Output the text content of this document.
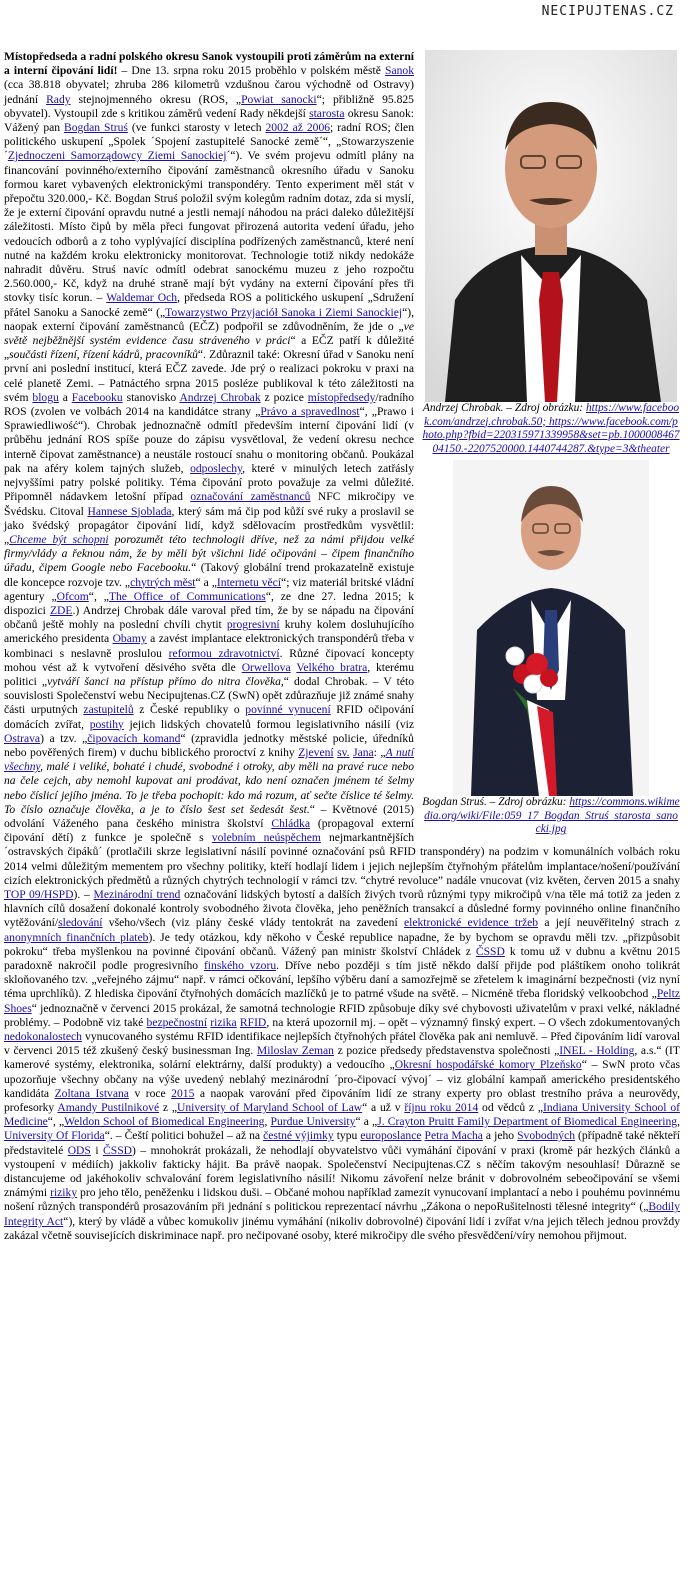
NECIPUJTENAS.CZ
Andrzej Chrobak. – Zdroj obrázku: https://www.facebook.com/andrzej.chrobak.50; https://www.facebook.com/photo.php?fbid=220315971339958&set=pb.100000846704150.-2207520000.1440744287.&type=3&theater
Bogdan Struś. – Zdroj obrázku: https://commons.wikimedia.org/wiki/File:059_17_Bogdan_Struś_starosta_sanocki.jpg

Místopředseda a radní polského okresu Sanok vystoupili proti záměrům na externí a interní čipování lidí! – Dne 13. srpna roku 2015 proběhlo v polském městě Sanok (cca 38.818 obyvatel; zhruba 286 kilometrů vzdušnou čarou východně od Ostravy) jednání Rady stejnojmenného okresu (ROS, „Powiat sanocki“; přibližně 95.825 obyvatel). Vystoupil zde s kritikou záměrů vedení Rady někdejší starosta okresu Sanok: Vážený pan Bogdan Struś (ve funkci starosty v letech 2002 až 2006; radní ROS; člen politického uskupení „Spolek ´Spojení zastupitelé Sanocké země´“, „Stowarzyszenie ´Zjednoczeni Samorządowcy Ziemi Sanockiej´“). Ve svém projevu odmítl plány na financování povinného/externího čipování zaměstnanců okresního úřadu v Sanoku formou karet vybavených elektronickými transpondéry. Tento experiment měl stát v přepočtu 320.000,- Kč. Bogdan Struś položil svým kolegům radním dotaz, zda si myslí, že je externí čipování opravdu nutné a jestli nemají náhodou na práci daleko důležitější záležitosti. Místo čipů by měla přeci fungovat přirozená autorita vedení úřadu, jeho vedoucích odborů a z toho vyplývající disciplína podřízených zaměstnanců, které není nutné na každém kroku elektronicky monitorovat. Technologie totiž nikdy nedokáže nahradit důvěru. Struś navíc odmítl odebrat sanockému muzeu z jeho rozpočtu 2.560.000,- Kč, když na druhé straně mají být vydány na externí čipování přes tři stovky tisíc korun. – Waldemar Och, předseda ROS a politického uskupení „Sdružení přátel Sanoku a Sanocké země“ („Towarzystwo Przyjaciół Sanoka i Ziemi Sanockiej“), naopak externí čipování zaměstnanců (EČZ) podpořil se zdůvodněním, že jde o „ve světě nejběžnější systém evidence času stráveného v práci“ a EČZ patří k důležité „součásti řízení, řízení kádrů, pracovníků“. Zdůraznil také: Okresní úřad v Sanoku není první ani poslední institucí, která EČZ zavede. Jde prý o realizaci pokroku v praxi na celé planetě Zemi. – Patnáctého srpna 2015 posléze publikoval k této záležitosti na svém blogu a Facebooku stanovisko Andrzej Chrobak z pozice místopředsedy/radního ROS (zvolen ve volbách 2014 na kandidátce strany „Právo a spravedlnost“, „Prawo i Sprawiedliwość“). Chrobak jednoznačně odmítl především interní čipování lidí (v průběhu jednání ROS spíše pouze do zápisu vysvětloval, že vedení okresu nechce interně čipovat zaměstnance) a neustále rostoucí snahu o monitoring občanů. Poukázal pak na aféry kolem tajných služeb, odposlechy, které v minulých letech zatřásly nejvyššími patry polské politiky. Téma čipování proto považuje za velmi důležité. Připomněl nádavkem letošní případ označování zaměstnanců NFC mikročipy ve Švédsku. Citoval Hannese Sjoblada, který sám má čip pod kůží své ruky a proslavil se jako švédský propagátor čipování lidí, když sdělovacím prostředkům vysvětlil: „Chceme být schopni porozumět této technologii dříve, než za námi přijdou velké firmy/vlády a řeknou nám, že by měli být všichni lidé očipováni – čipem finančního úřadu, čipem Google nebo Facebooku.“ (Takový globální trend prokazatelně existuje dle koncepce rozvoje tzv. „chytrých měst“ a „Internetu věcí“; viz materiál britské vládní agentury „Ofcom“, „The Office of Communications“, ze dne 27. ledna 2015; k dispozici ZDE.) Andrzej Chrobak dále varoval před tím, že by se nápadu na čipování občanů ještě mohly na poslední chvíli chytit progresivní kruhy kolem dosluhujícího amerického presidenta Obamy a zavést implantace elektronických transpondérů třeba v kombinaci s neslavně proslulou reformou zdravotnictví. Různé čipovací koncepty mohou vést až k vytvoření děsivého světa dle Orwellova Velkého bratra, kterému politici „vytváří šanci na přístup přímo do nitra člověka,“ dodal Chrobak. – V této souvislosti Společenství webu Necipujtenas.CZ (SwN) opět zdůrazňuje již známé snahy části urputných zastupitelů z České republiky o povinné vynucení RFID očipování domácích zvířat, postihy jejich lidských chovatelů formou legislativního násilí (viz Ostrava) a tzv. „čipovacích komand“ (zpravidla jednotky městské policie, úředníků nebo pověřených firem) v duchu biblického proroctví z knihy Zjevení sv. Jana: „A nutí všechny, malé i veliké, bohaté i chudé, svobodné i otroky, aby měli na pravé ruce nebo na čele cejch, aby nemohl kupovat ani prodávat, kdo není označen jménem té šelmy nebo číslicí jejího jména. To je třeba pochopit: kdo má rozum, ať sečte číslice té šelmy. To číslo označuje člověka, a je to číslo šest set šedesát šest.“ – Květnové (2015) odvolání Váženého pana českého ministra školství Chládka (propagoval externí čipování dětí) z funkce je společně s volebním neúspěchem nejmarkantnějších ´ostravských čipáků´ (protlačili skrze legislativní násilí povinné označování psů RFID transpondéry) na podzim v komunálních volbách roku 2014 velmi důležitým mementem pro všechny politiky, kteří hodlají lidem i jejich nejlepším čtyřnohým přátelům implantace/nošení/používání cizích elektronických předmětů a různých chytrých technologií v rámci tzv. “chytré revoluce” nadále vnucovat (viz květen, červen 2015 a snahy TOP 09/HSPD). – Mezinárodní trend označování lidských bytostí a dalších živých tvorů různými typy mikročipů v/na těle má totiž za jeden z hlavních cílů dosažení dokonalé kontroly svobodného života člověka, jeho peněžních transakcí a důsledné formy povinného online finančního vytěžování/sledování všeho/všech (viz plány české vlády tentokrát na zavedení elektronické evidence tržeb a její neuvěřitelný strach z anonymních finančních plateb). Je tedy otázkou, kdy někoho v České republice napadne, že by bychom se opravdu měli tzv. „přizpůsobit pokroku“ třeba myšlenkou na povinné čipování občanů. Vážený pan ministr školství Chládek z ČSSD k tomu už v dubnu a květnu 2015 paradoxně nakročil podle progresivního finského vzoru. Dříve nebo později s tím jistě někdo další přijde pod pláštíkem onoho tolikrát skloňovaného tzv. „veřejného zájmu“ např. v rámci očkování, lepšího výběru daní a samozřejmě se zřetelem k imaginární bezpečnosti (viz nyní téma uprchlíků). Z hlediska čipování čtyřnohých domácích mazlíčků je to patrné všude na světě. – Nicméně třeba floridský velkoobchod „Peltz Shoes“ jednoznačně v červenci 2015 prokázal, že samotná technologie RFID způsobuje díky své chybovosti uživatelům v praxi velké, nákladné problémy. – Podobně viz také bezpečnostní rizika RFID, na která upozornil mj. – opět – významný finský expert. – O všech zdokumentovaných nedokonalostech vynucovaného systému RFID identifikace nejlepších čtyřnohých přátel člověka pak ani nemluvě. – Před čipováním lidí varoval v červenci 2015 též zkušený český businessman Ing. Miloslav Zeman z pozice předsedy představenstva společnosti „INEL - Holding, a.s.“ (IT kamerové systémy, elektronika, solární elektrárny, další produkty) a vedoucího „Okresní hospodářské komory Plzeňsko“ – SwN proto včas upozorňuje všechny občany na výše uvedený neblahý mezinárodní ´pro-čipovací vývoj´ – viz globální kampaň amerického presidentského kandidáta Zoltana Istvana v roce 2015 a naopak varování před čipováním lidí ze strany experty pro oblast trestního práva a neurovědy, profesorky Amandy Pustilnikové z „University of Maryland School of Law“ a už v říjnu roku 2014 od vědců z „Indiana University School of Medicine“, „Weldon School of Biomedical Engineering, Purdue University“ a „J. Crayton Pruitt Family Department of Biomedical Engineering, University Of Florida“. – Čeští politici bohužel – až na čestné výjimky typu europoslance Petra Macha a jeho Svobodných (případně také někteří představitelé ODS i ČSSD) – mnohokrát prokázali, že nehodlají obyvatelstvo vůči vymáhání čipování v praxi (kromě pár hezkých článků a vystoupení v médiích) jakkoliv fakticky hájit. Ba právě naopak. Společenství Necipujtenas.CZ s něčím takovým nesouhlasí! Důrazně se distancujeme od jakéhokoliv schvalování forem legislativního násilí! Nikomu závoření nelze bránit v dobrovolném sebeočipování se všemi známými riziky pro jeho tělo, peněženku i lidskou duši. – Občané mohou například zamezit vynucovaní implantací a nebo i pouhému povinnému nošení různých transpondérů prosazováním při jednání s politickou reprezentací návrhu „Zákona o nepoRušitelnosti tělesné integrity“ („Bodily Integrity Act“), který by vládě a vůbec komukoliv jinému vymáhání (nikoliv dobrovolné) čipování lidí i zvířat v/na jejich tělech jednou provždy zakázal včetně souvisejících diskriminace např. pro nečipované osoby, které mikročipy dle svého přesvědčení/víry nemohou přijmout.
